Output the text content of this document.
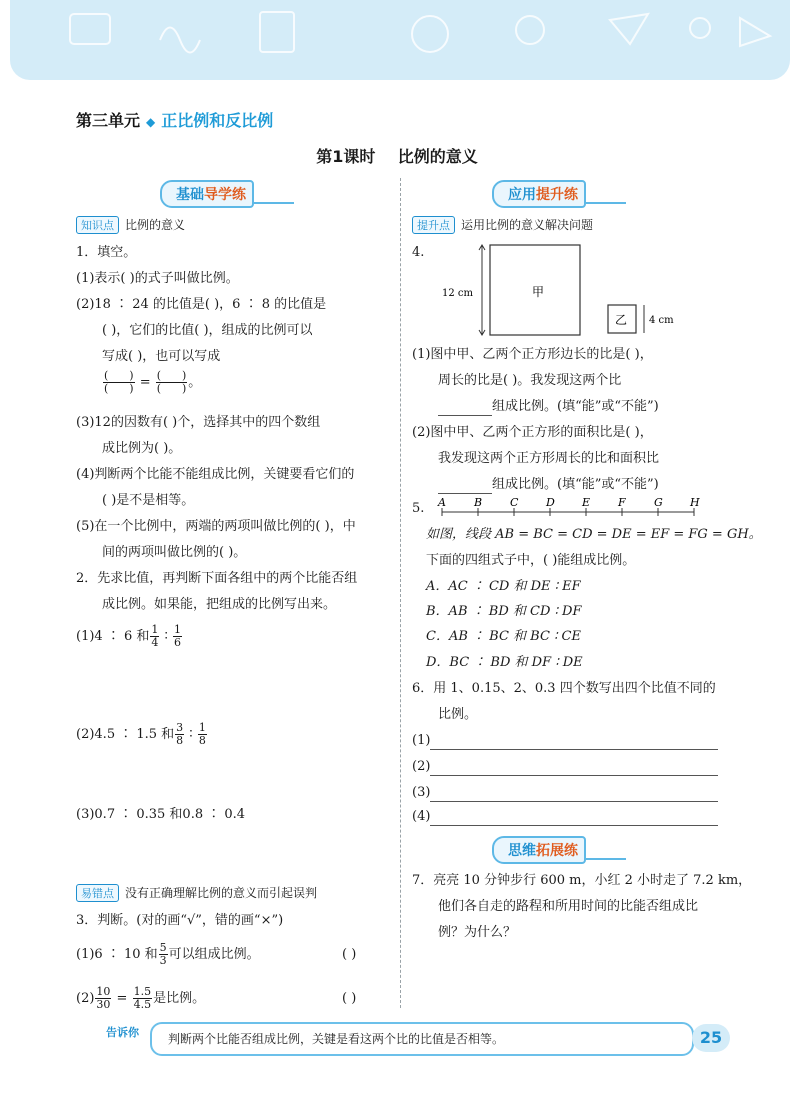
第三单元 ◆ 正比例和反比例
第1课时    比例的意义
基础导学练
知识点 比例的意义
1．填空。
(1)表示( )的式子叫做比例。
(2)18 ∶ 24 的比值是( )，6 ∶ 8 的比值是
( )，它们的比值( )，组成的比例可以
写成( )，也可以写成
$\frac{( )}{( )} = \frac{( )}{( )}$ 。
(3)12的因数有( )个，选择其中的四个数组
成比例为( )。
(4)判断两个比能不能组成比例，关键要看它们的
( )是不是相等。
(5)在一个比例中，两端的两项叫做比例的( )，中
间的两项叫做比例的( )。
2．先求比值，再判断下面各组中的两个比能否组
成比例。如果能，把组成的比例写出来。
(1)4 ∶ 6 和 $\frac{1}{4}$ ∶ $\frac{1}{6}$
(2)4.5 ∶ 1.5 和 $\frac{3}{8}$ ∶ $\frac{1}{8}$
(3)0.7 ∶ 0.35 和0.8 ∶ 0.4
易错点 没有正确理解比例的意义而引起误判
3．判断。(对的画“√”，错的画“×”)
(1)6 ∶ 10 和 $\frac{5}{3}$ 可以组成比例。	( )
$(2) \frac{10}{30} = \frac{1.5}{4.5}$ 是比例。	( )
应用提升练
提升点 运用比例的意义解决问题
4.
甲
12 cm
乙 4 cm
(1)图中甲、乙两个正方形边长的比是( )，
周长的比是( )。我发现这两个比
组成比例。(填“能”或“不能”)
(2)图中甲、乙两个正方形的面积比是( )，
我发现这两个正方形周长的比和面积比
组成比例。(填“能”或“不能”)
5. A	B	C	D E	F	G H
如图，线段 AB = BC = CD = DE = EF = FG = GH。
下面的四组式子中，( )能组成比例。
A．AC ∶ CD 和 DE ∶ EF
B．AB ∶ BD 和 CD ∶ DF
C．AB ∶ BC 和 BC ∶ CE
D．BC ∶ BD 和 DF ∶ DE
6．用 1、0.15、2、0.3 四个数写出四个比值不同的
比例。
(1)
(2)
(3)
(4)
思维拓展练
7．亮亮 10 分钟步行 600 m，小红 2 小时走了 7.2 km，
他们各自走的路程和所用时间的比能否组成比
例？为什么？
告诉你 判断两个比能否组成比例，关键是看这两个比的比值是否相等。	25
